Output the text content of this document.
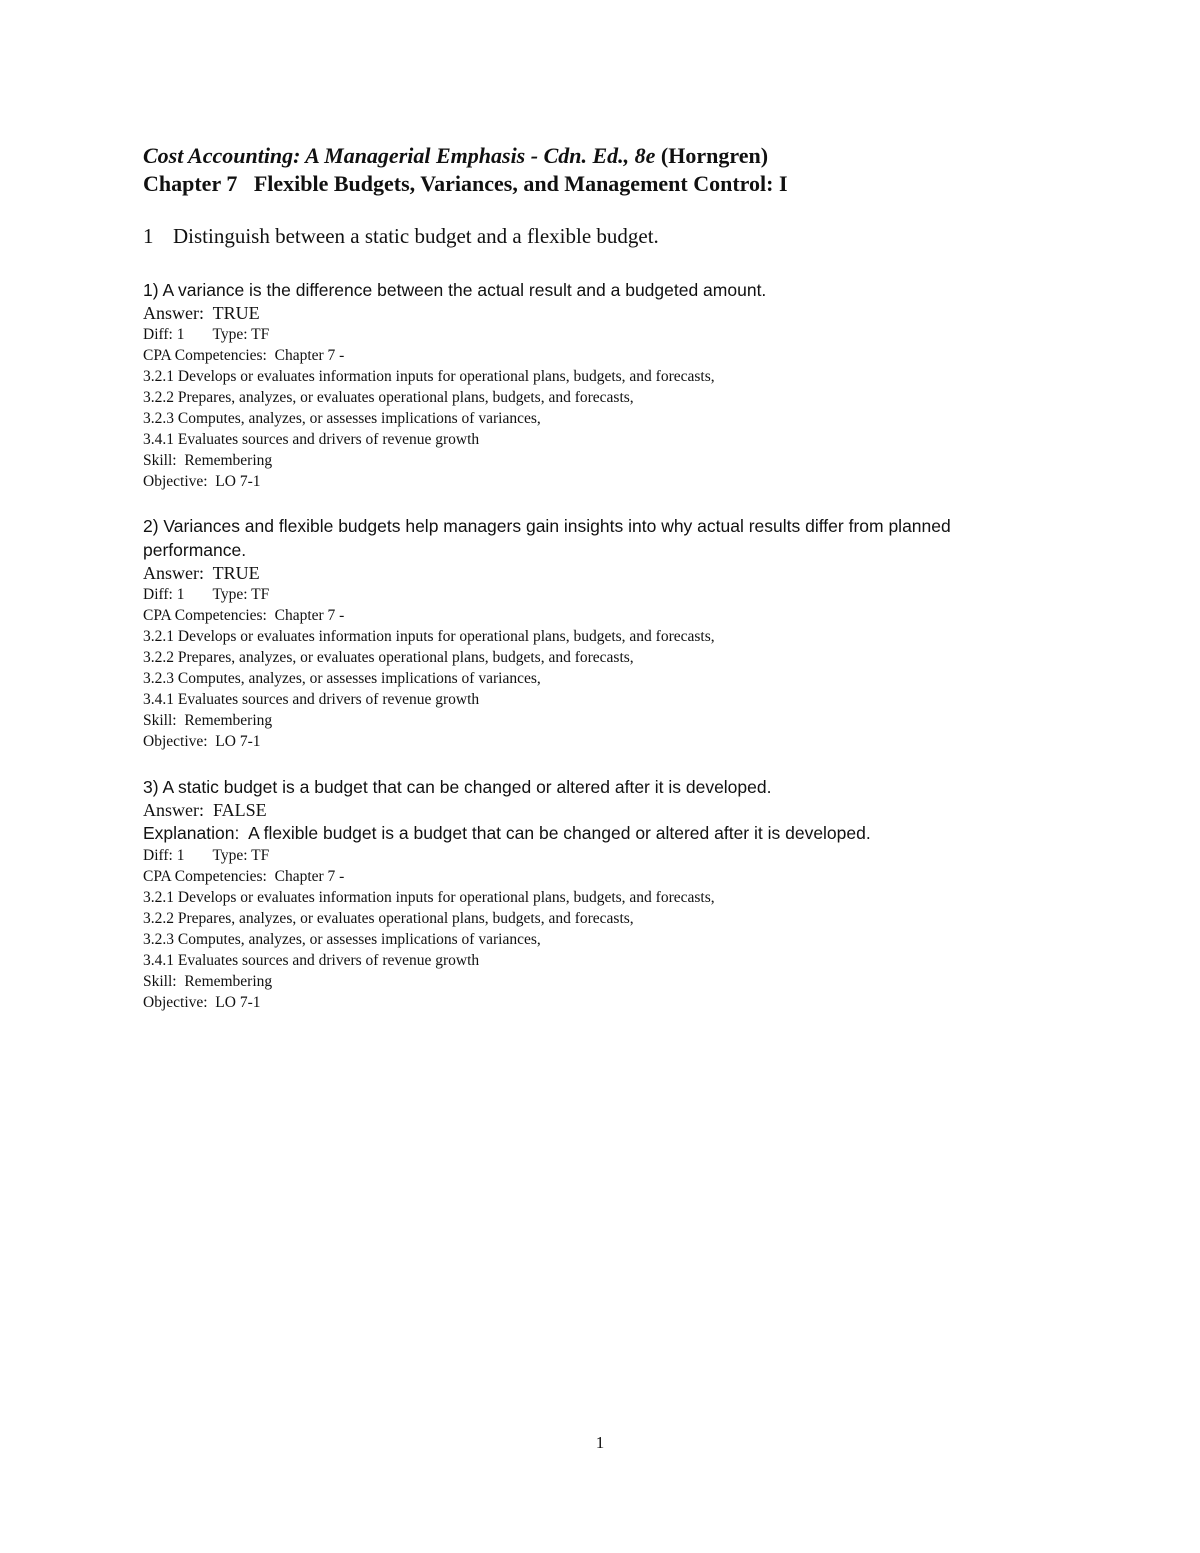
Cost Accounting: A Managerial Emphasis - Cdn. Ed., 8e (Horngren)
Chapter 7   Flexible Budgets, Variances, and Management Control: I
1 Distinguish between a static budget and a flexible budget.
1) A variance is the difference between the actual result and a budgeted amount.
Answer:  TRUE
Diff: 1 Type: TF
CPA Competencies:  Chapter 7 -
3.2.1 Develops or evaluates information inputs for operational plans, budgets, and forecasts,
3.2.2 Prepares, analyzes, or evaluates operational plans, budgets, and forecasts,
3.2.3 Computes, analyzes, or assesses implications of variances,
3.4.1 Evaluates sources and drivers of revenue growth
Skill:  Remembering
Objective:  LO 7-1
2) Variances and flexible budgets help managers gain insights into why actual results differ from planned performance.
Answer:  TRUE
Diff: 1 Type: TF
CPA Competencies:  Chapter 7 -
3.2.1 Develops or evaluates information inputs for operational plans, budgets, and forecasts,
3.2.2 Prepares, analyzes, or evaluates operational plans, budgets, and forecasts,
3.2.3 Computes, analyzes, or assesses implications of variances,
3.4.1 Evaluates sources and drivers of revenue growth
Skill:  Remembering
Objective:  LO 7-1
3) A static budget is a budget that can be changed or altered after it is developed.
Answer:  FALSE
Explanation:  A flexible budget is a budget that can be changed or altered after it is developed.
Diff: 1 Type: TF
CPA Competencies:  Chapter 7 -
3.2.1 Develops or evaluates information inputs for operational plans, budgets, and forecasts,
3.2.2 Prepares, analyzes, or evaluates operational plans, budgets, and forecasts,
3.2.3 Computes, analyzes, or assesses implications of variances,
3.4.1 Evaluates sources and drivers of revenue growth
Skill:  Remembering
Objective:  LO 7-1
1
